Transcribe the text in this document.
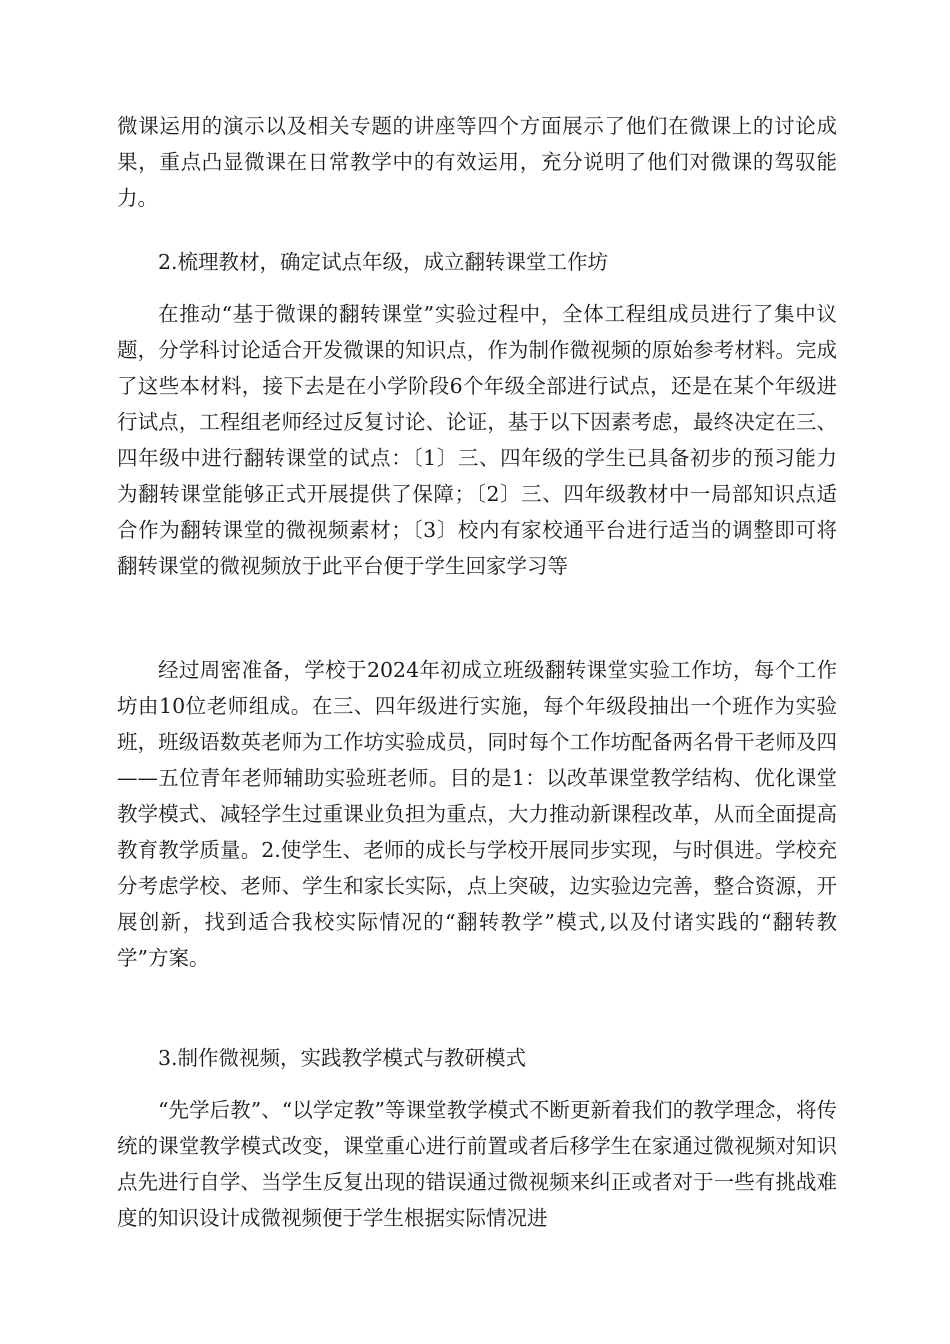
微课运用的演示以及相关专题的讲座等四个方面展示了他们在微课上的讨论成果，重点凸显微课在日常教学中的有效运用，充分说明了他们对微课的驾驭能力。

2.梳理教材，确定试点年级，成立翻转课堂工作坊

在推动“基于微课的翻转课堂”实验过程中，全体工程组成员进行了集中议题，分学科讨论适合开发微课的知识点，作为制作微视频的原始参考材料。完成了这些本材料，接下去是在小学阶段6个年级全部进行试点，还是在某个年级进行试点，工程组老师经过反复讨论、论证，基于以下因素考虑，最终决定在三、四年级中进行翻转课堂的试点：〔1〕三、四年级的学生已具备初步的预习能力为翻转课堂能够正式开展提供了保障；〔2〕三、四年级教材中一局部知识点适合作为翻转课堂的微视频素材；〔3〕校内有家校通平台进行适当的调整即可将翻转课堂的微视频放于此平台便于学生回家学习等

经过周密准备，学校于2024年初成立班级翻转课堂实验工作坊，每个工作坊由10位老师组成。在三、四年级进行实施，每个年级段抽出一个班作为实验班，班级语数英老师为工作坊实验成员，同时每个工作坊配备两名骨干老师及四——五位青年老师辅助实验班老师。目的是1：以改革课堂教学结构、优化课堂教学模式、减轻学生过重课业负担为重点，大力推动新课程改革，从而全面提高教育教学质量。2.使学生、老师的成长与学校开展同步实现，与时俱进。学校充分考虑学校、老师、学生和家长实际，点上突破，边实验边完善，整合资源，开展创新，找到适合我校实际情况的“翻转教学”模式,以及付诸实践的“翻转教学”方案。

3.制作微视频，实践教学模式与教研模式

“先学后教”、“以学定教”等课堂教学模式不断更新着我们的教学理念，将传统的课堂教学模式改变，课堂重心进行前置或者后移学生在家通过微视频对知识点先进行自学、当学生反复出现的错误通过微视频来纠正或者对于一些有挑战难度的知识设计成微视频便于学生根据实际情况进
